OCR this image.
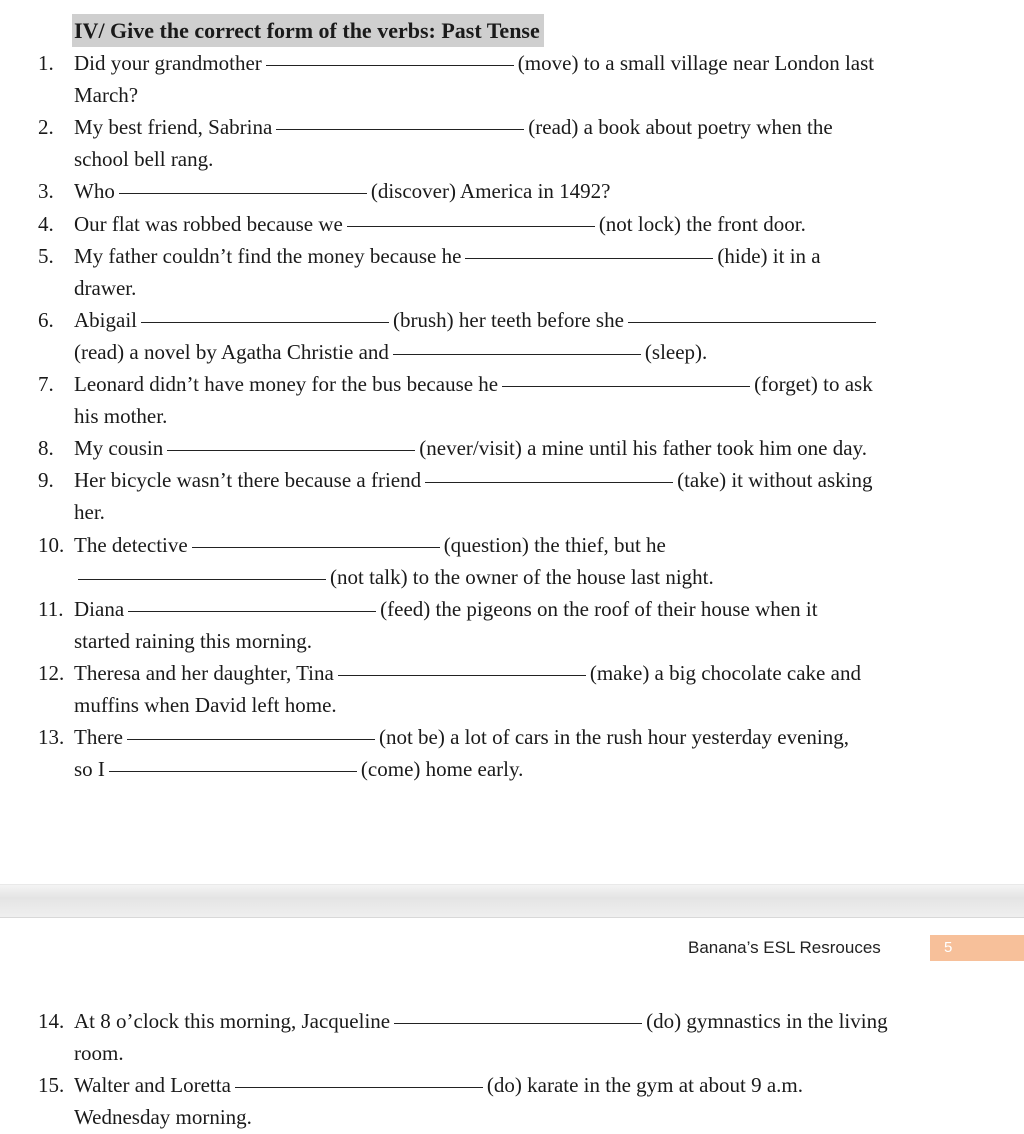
IV/ Give the correct form of the verbs: Past Tense
1. Did your grandmother	(move) to a small village near London last
March?
2. My best friend, Sabrina	(read) a book about poetry when the
school bell rang.
3. Who	(discover) America in 1492?
4. Our flat was robbed because we	(not lock) the front door.
5. My father couldn’t find the money because he	(hide) it in a
drawer.
6. Abigail	(brush) her teeth before she
(read) a novel by Agatha Christie and	(sleep).
7. Leonard didn’t have money for the bus because he	(forget) to ask
his mother.
8. My cousin	(never/visit) a mine until his father took him one day.
9. Her bicycle wasn’t there because a friend	(take) it without asking
her.
10. The detective	(question) the thief, but he
(not talk) to the owner of the house last night.
11. Diana	(feed) the pigeons on the roof of their house when it
started raining this morning.
12. Theresa and her daughter, Tina	(make) a big chocolate cake and
muffins when David left home.
13. There	(not be) a lot of cars in the rush hour yesterday evening,
so I	(come) home early.
Banana’s ESL Resrouces	5
14. At 8 o’clock this morning, Jacqueline	(do) gymnastics in the living
room.
15. Walter and Loretta	(do) karate in the gym at about 9 a.m.
Wednesday morning.
